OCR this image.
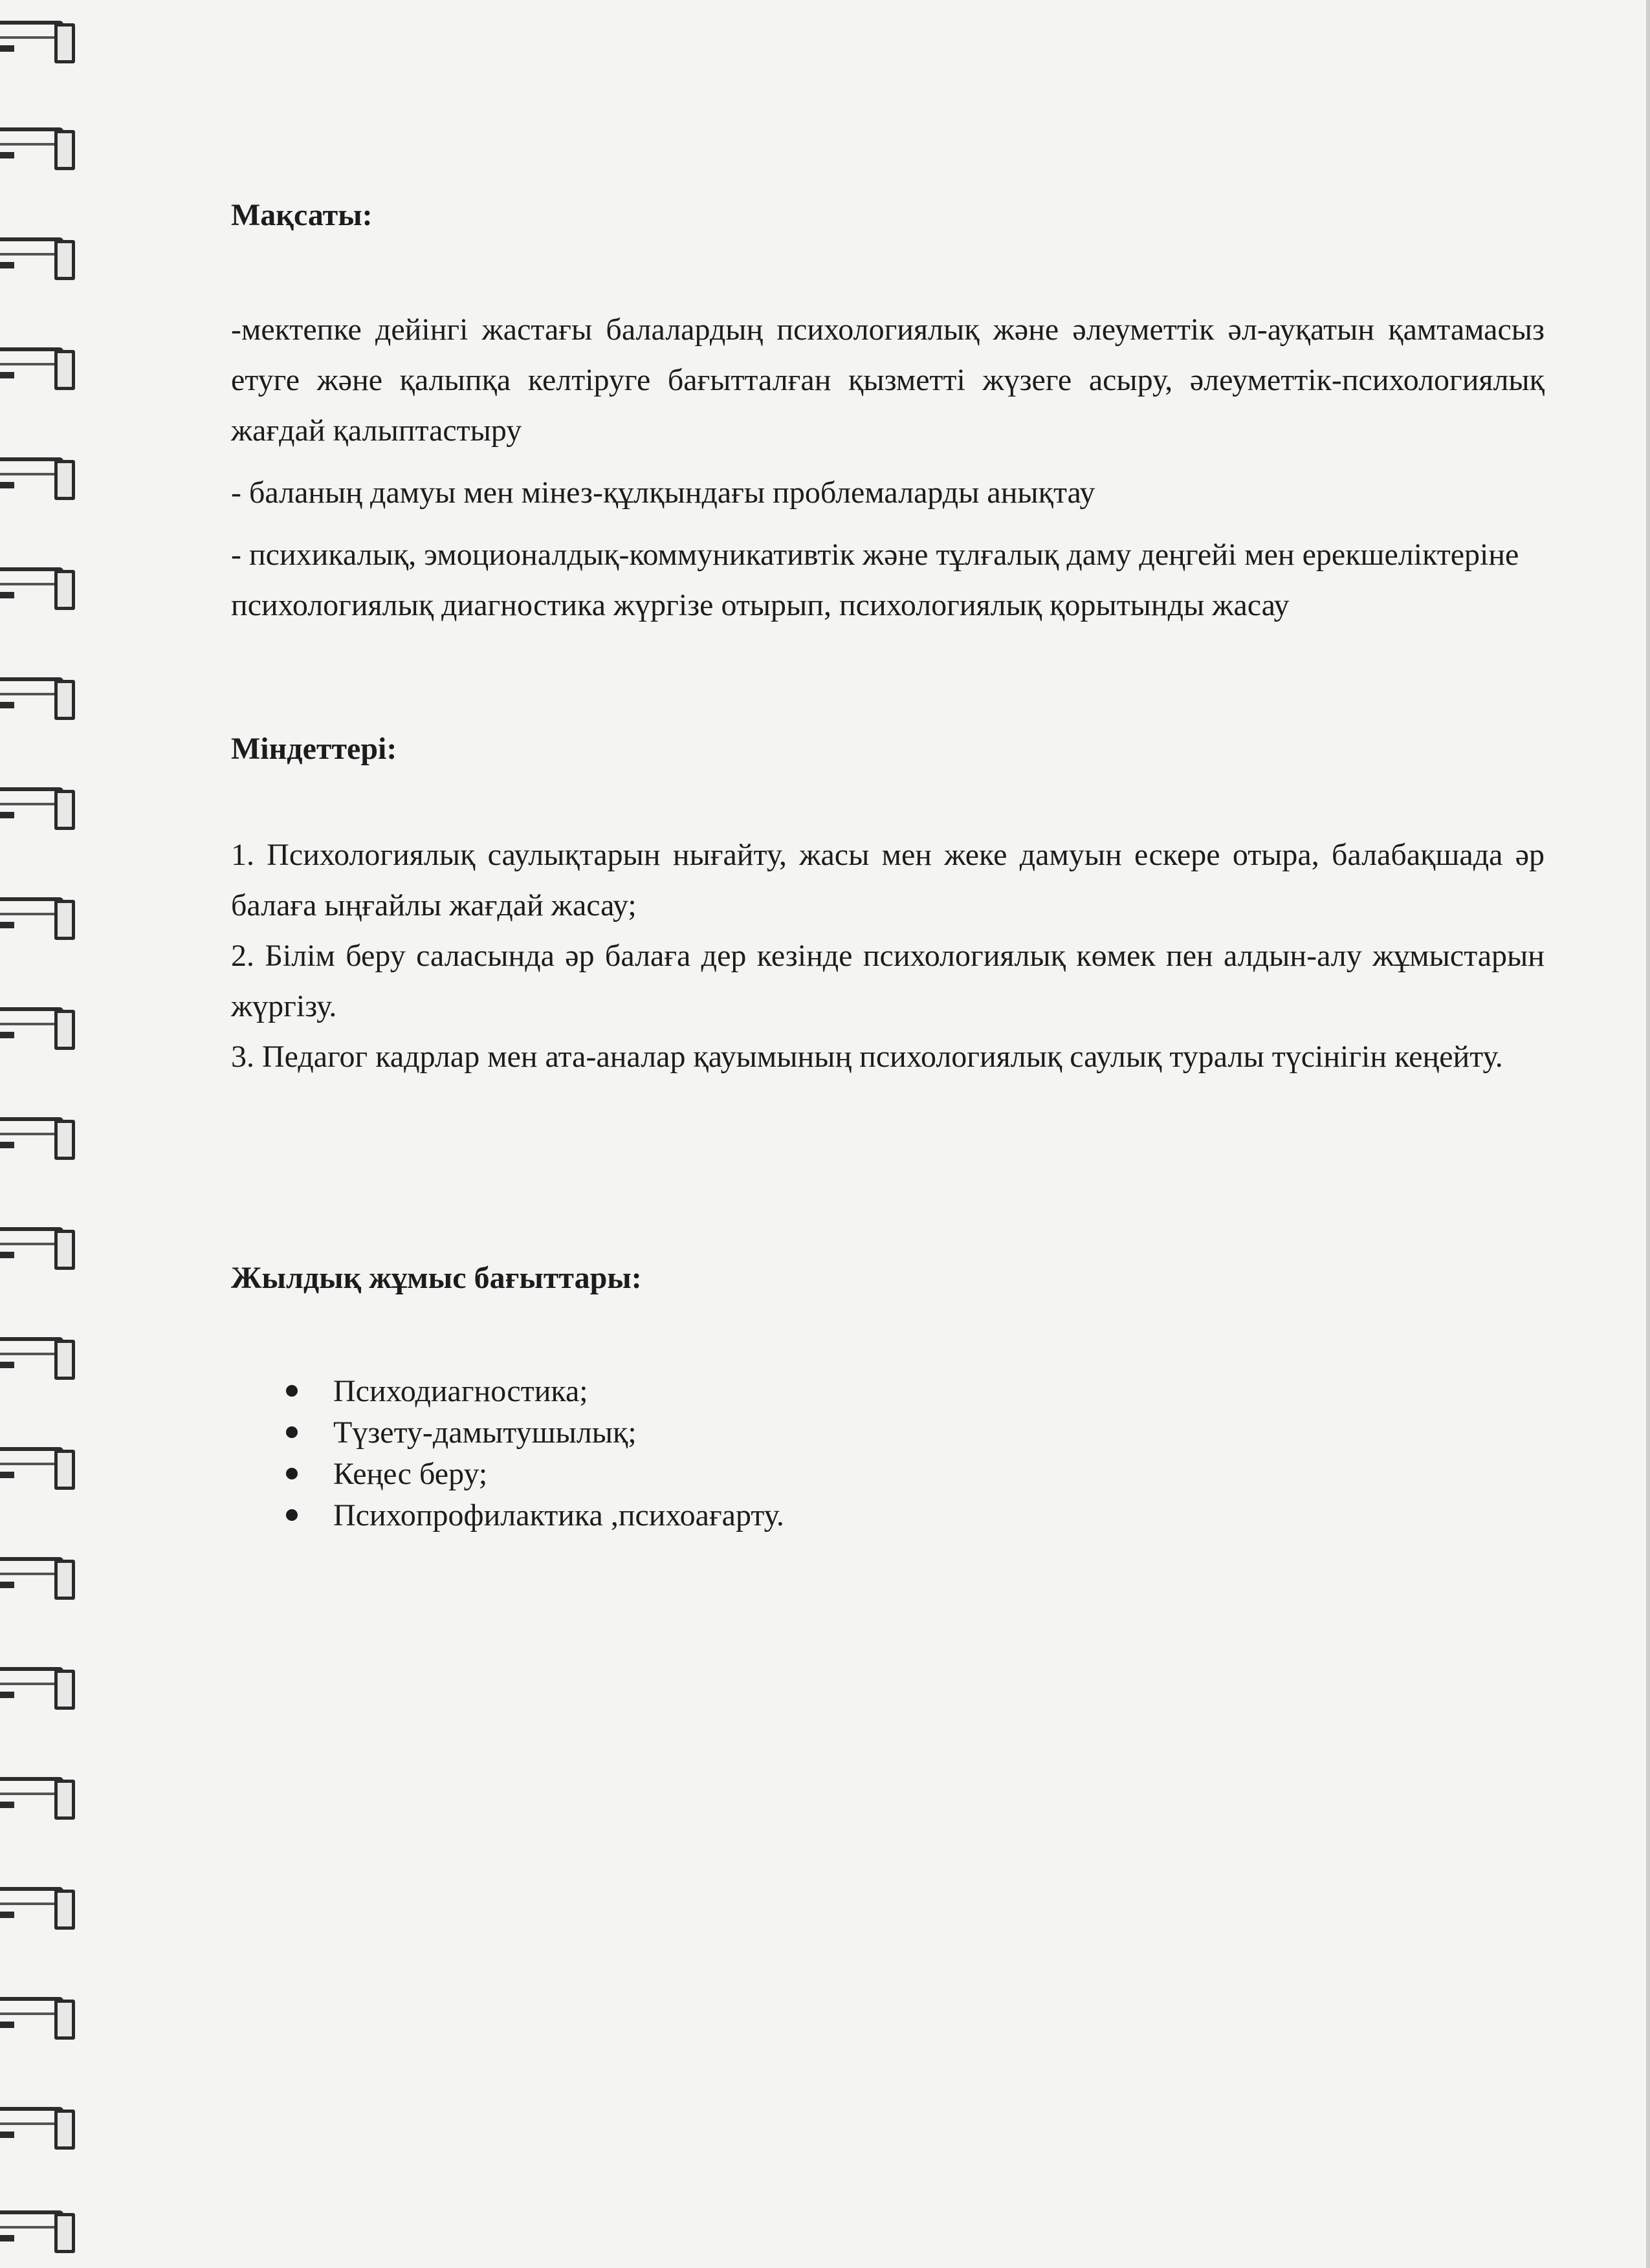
Мақсаты:

-мектепке дейінгі жастағы балалардың психологиялық және әлеуметтік әл-ауқатын қамтамасыз етуге және қалыпқа келтіруге бағытталған қызметті жүзеге асыру, әлеуметтік-психологиялық жағдай қалыптастыру

- баланың дамуы мен мінез-құлқындағы проблемаларды анықтау

- психикалық, эмоционалдық-коммуникативтік және тұлғалық даму деңгейі мен ерекшеліктеріне психологиялық диагностика жүргізе отырып, психологиялық қорытынды жасау

Міндеттері:

1. Психологиялық саулықтарын нығайту, жасы мен жеке дамуын ескере отыра, балабақшада әр балаға ыңғайлы жағдай жасау;

2. Білім беру саласында әр балаға дер кезінде психологиялық көмек пен алдын-алу жұмыстарын жүргізу.

3. Педагог кадрлар мен ата-аналар қауымының психологиялық саулық туралы түсінігін кеңейту.

Жылдық жұмыс бағыттары:
Психодиагностика;
Түзету-дамытушылық;
Кеңес беру;
Психопрофилактика ,психоағарту.
